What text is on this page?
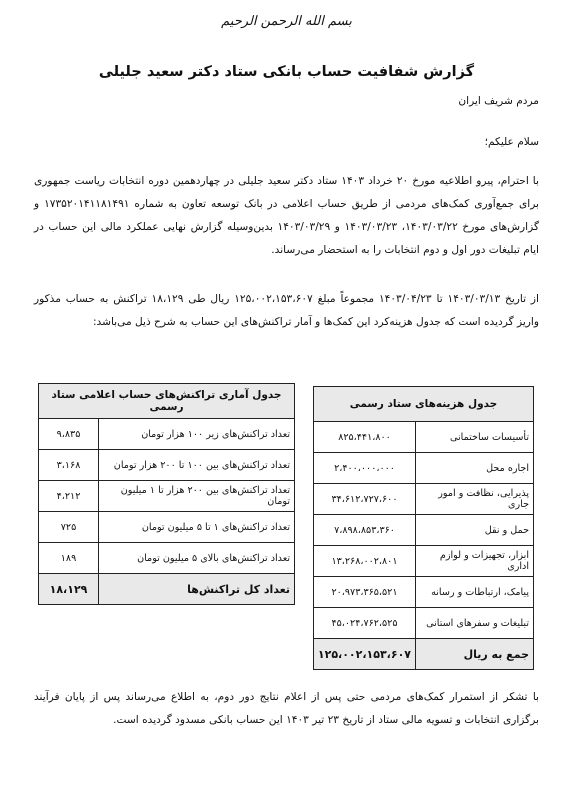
بسم الله الرحمن الرحیم
گزارش شفافیت حساب بانکی ستاد دکتر سعید جلیلی
مردم شریف ایران
سلام علیکم؛

با احترام، پیرو اطلاعیه مورخ ۲۰ خرداد ۱۴۰۳ ستاد دکتر سعید جلیلی در چهاردهمین دوره انتخابات ریاست جمهوری برای جمع‌آوری کمک‌های مردمی از طریق حساب اعلامی در بانک توسعه تعاون به شماره ۱۷۳۵۲۰۱۴۱۱۸۱۴۹۱ و گزارش‌های مورخ ۱۴۰۳/۰۳/۲۲، ۱۴۰۳/۰۳/۲۳ و ۱۴۰۳/۰۳/۲۹ بدین‌وسیله گزارش نهایی عملکرد مالی این حساب در ایام تبلیغات دور اول و دوم انتخابات را به استحضار می‌رساند.

از تاریخ ۱۴۰۳/۰۳/۱۳ تا ۱۴۰۳/۰۴/۲۳ مجموعاً مبلغ ۱۲۵،۰۰۲،۱۵۳،۶۰۷ ریال طی ۱۸،۱۲۹ تراکنش به حساب مذکور واریز گردیده است که جدول هزینه‌کرد این کمک‌ها و آمار تراکنش‌های این حساب به شرح ذیل می‌باشد:

جدول هزینه‌های ستاد رسمی	
تأسیسات ساختمانی	۸۲۵،۴۴۱،۸۰۰
اجاره محل	۲،۴۰۰،۰۰۰،۰۰۰
پذیرایی، نظافت و امور جاری	۳۴،۶۱۲،۷۲۷،۶۰۰
حمل و نقل	۷،۸۹۸،۸۵۳،۳۶۰
ابزار، تجهیزات و لوازم اداری	۱۳،۲۶۸،۰۰۲،۸۰۱
پیامک، ارتباطات و رسانه	۲۰،۹۷۳،۳۶۵،۵۲۱
تبلیغات و سفرهای استانی	۴۵،۰۲۴،۷۶۲،۵۲۵
جمع به ریال	۱۲۵،۰۰۲،۱۵۳،۶۰۷
جدول آماری تراکنش‌های حساب اعلامی ستاد رسمی	
تعداد تراکنش‌های زیر ۱۰۰ هزار تومان	۹،۸۳۵
تعداد تراکنش‌های بین ۱۰۰ تا ۲۰۰ هزار تومان	۳،۱۶۸
تعداد تراکنش‌های بین ۲۰۰ هزار تا ۱ میلیون تومان	۴،۲۱۲
تعداد تراکنش‌های ۱ تا ۵ میلیون تومان	۷۲۵
تعداد تراکنش‌های بالای ۵ میلیون تومان	۱۸۹
تعداد کل تراکنش‌ها	۱۸،۱۲۹

با تشکر از استمرار کمک‌های مردمی حتی پس از اعلام نتایج دور دوم، به اطلاع می‌رساند پس از پایان فرآیند برگزاری انتخابات و تسویه مالی ستاد از تاریخ ۲۳ تیر ۱۴۰۳ این حساب بانکی مسدود گردیده است.
